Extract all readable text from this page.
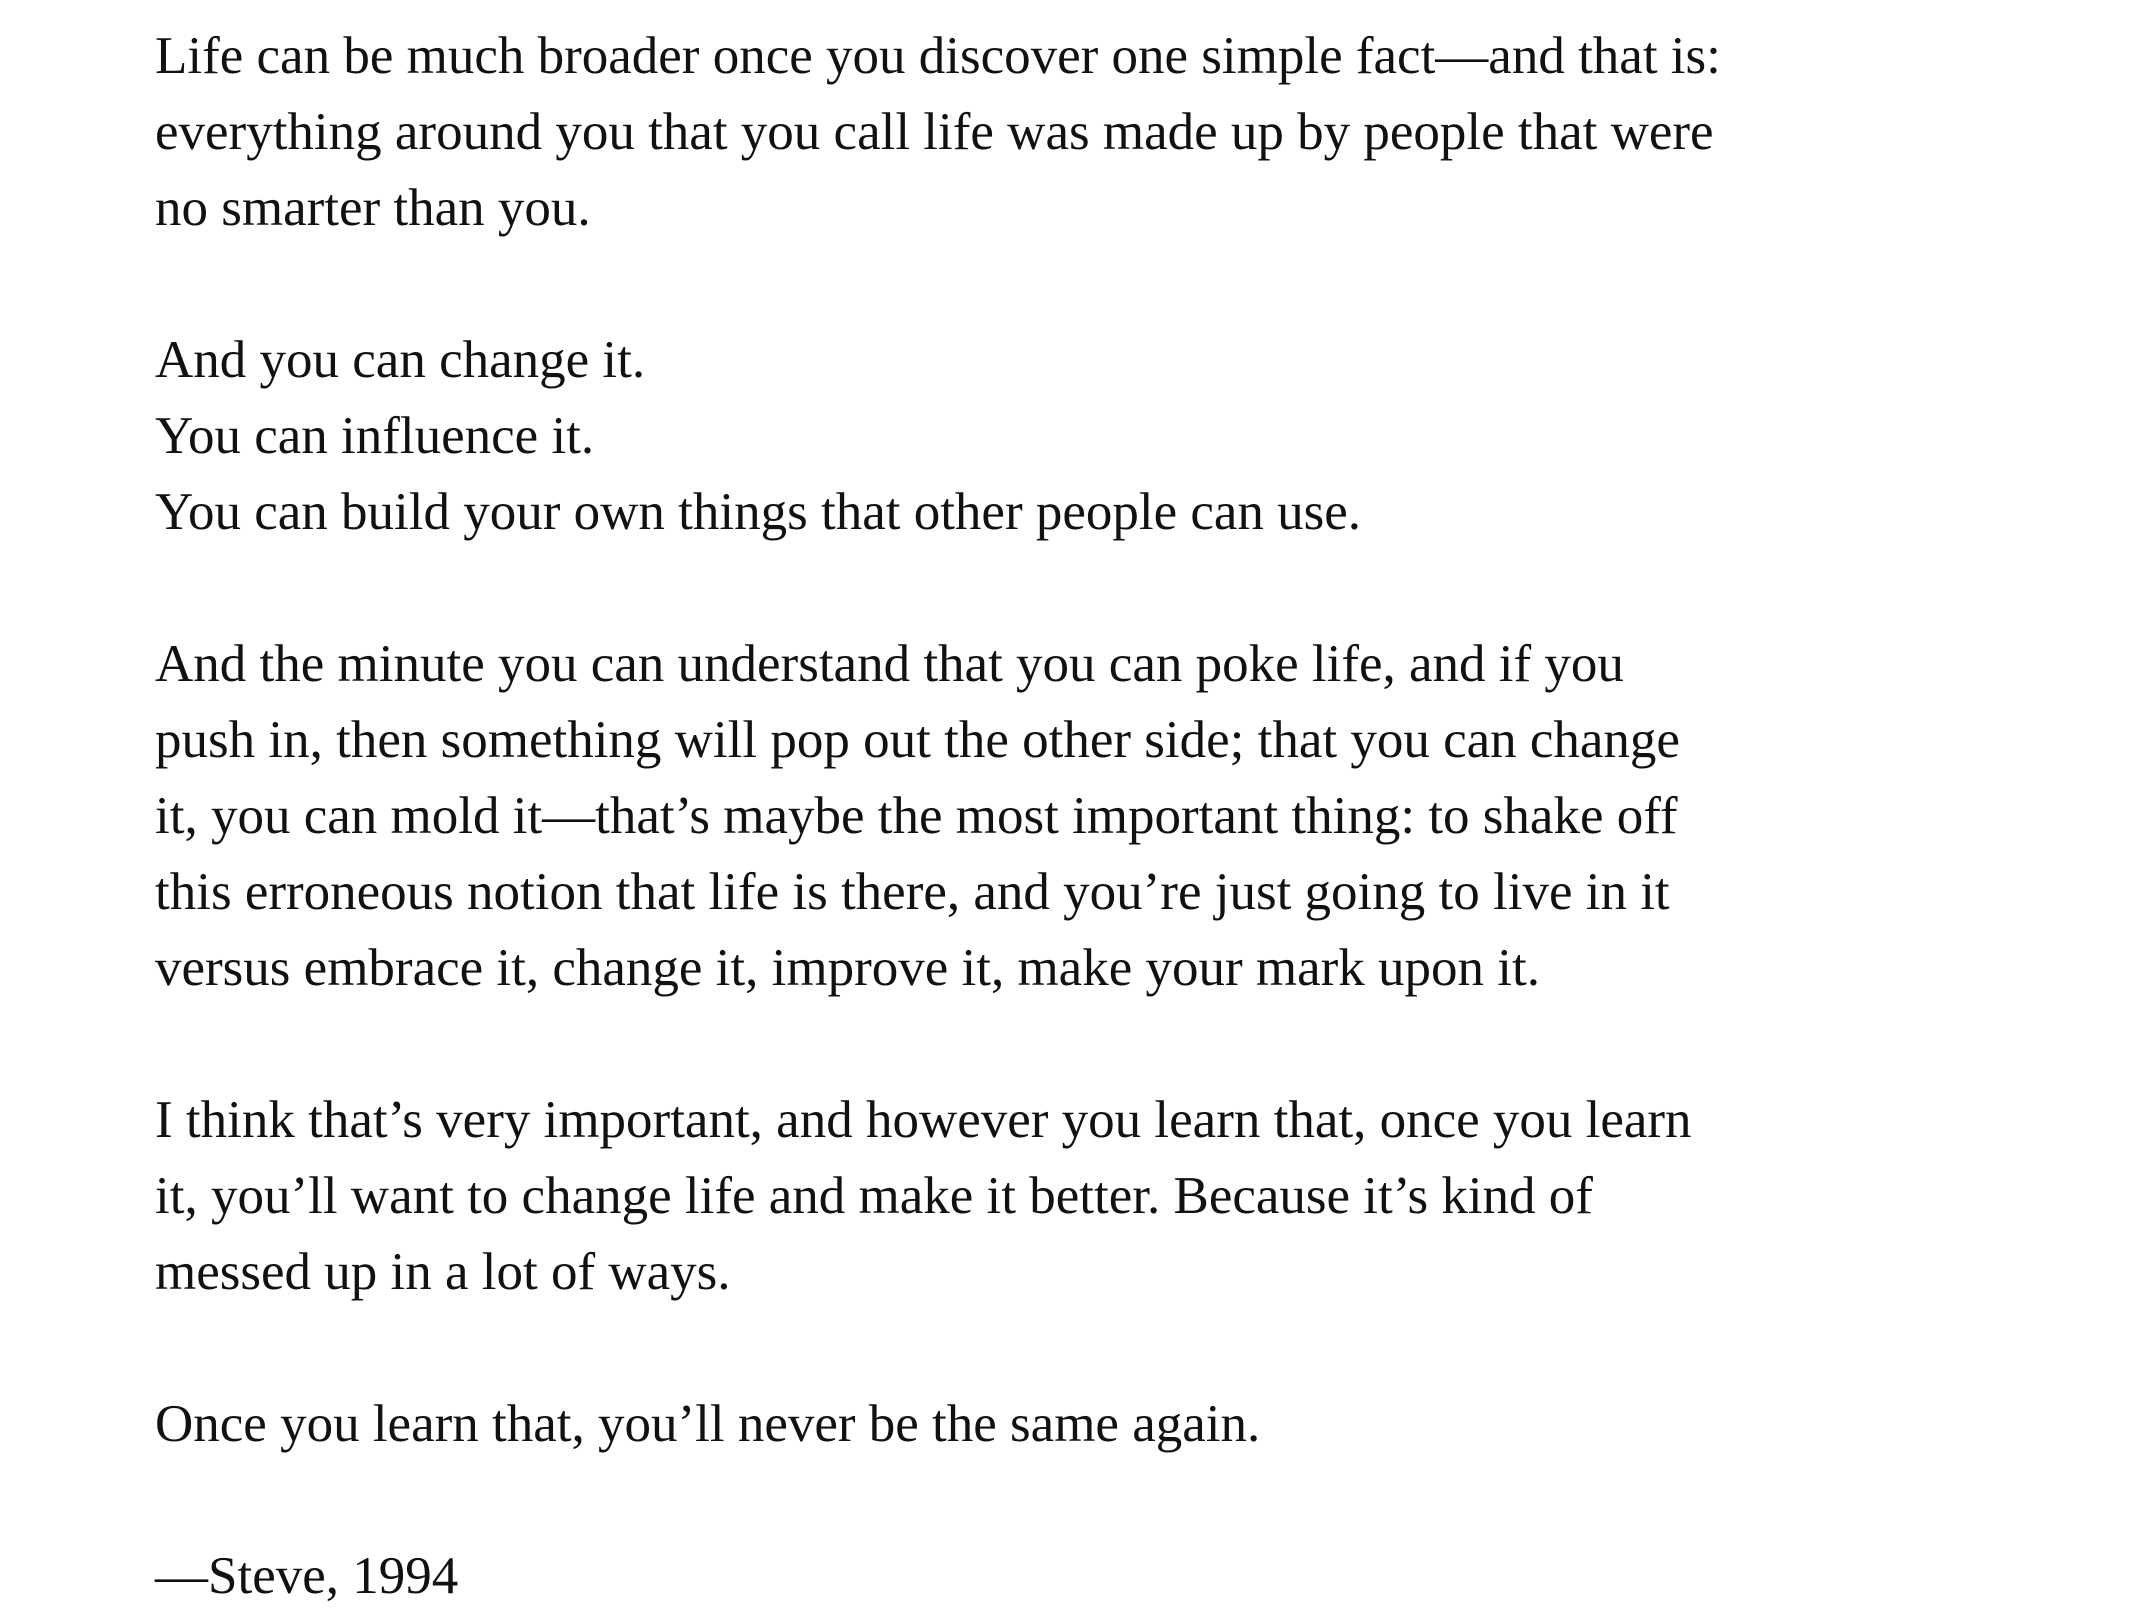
Life can be much broader once you discover one simple fact—and that is:
everything around you that you call life was made up by people that were
no smarter than you.

And you can change it.
You can influence it.
You can build your own things that other people can use.

And the minute you can understand that you can poke life, and if you
push in, then something will pop out the other side; that you can change
it, you can mold it—that’s maybe the most important thing: to shake off
this erroneous notion that life is there, and you’re just going to live in it
versus embrace it, change it, improve it, make your mark upon it.

I think that’s very important, and however you learn that, once you learn
it, you’ll want to change life and make it better. Because it’s kind of
messed up in a lot of ways.

Once you learn that, you’ll never be the same again.

—Steve, 1994
